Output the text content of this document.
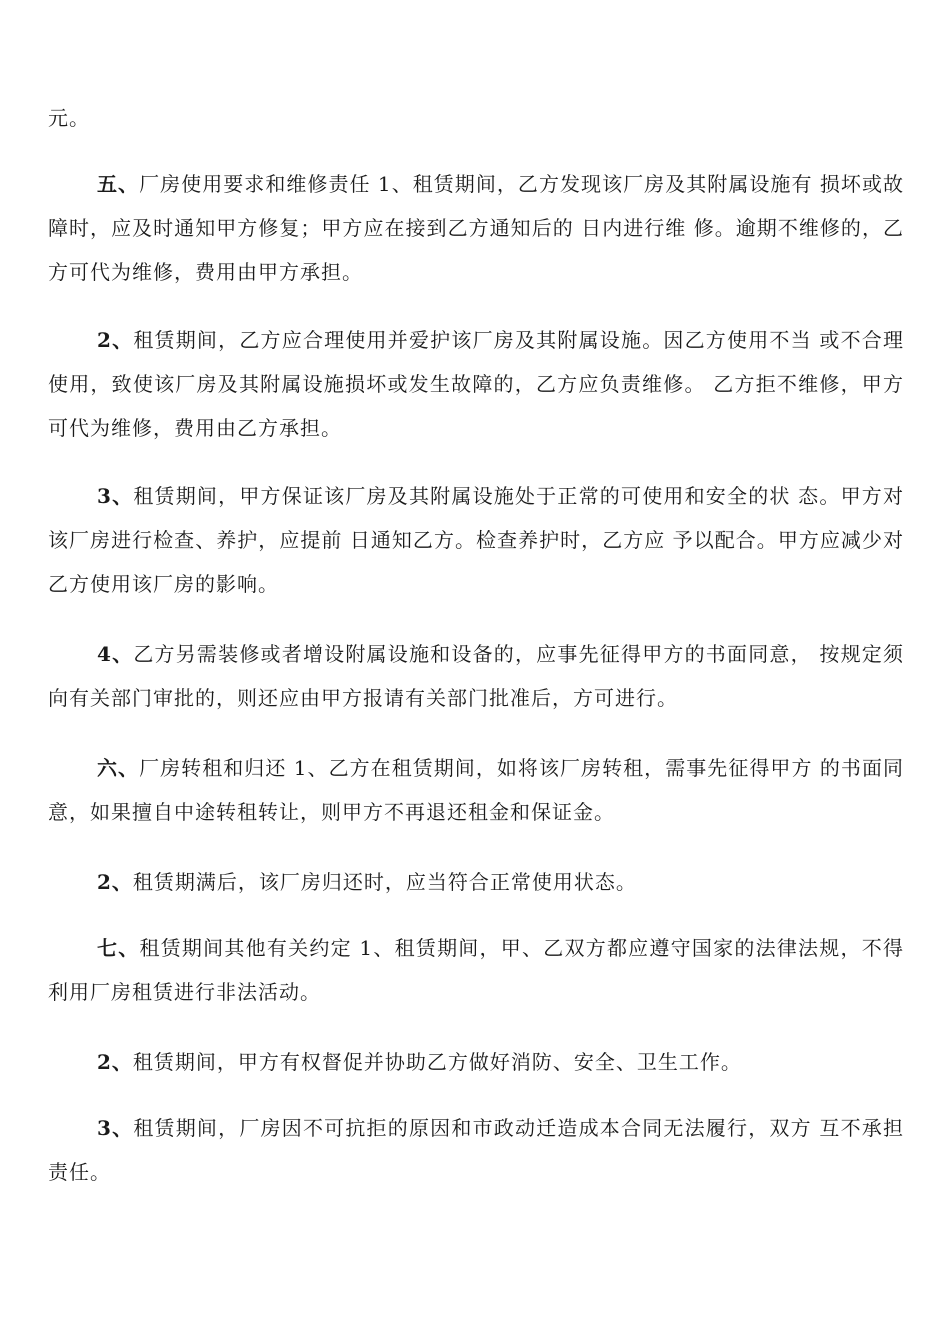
元。

五、厂房使用要求和维修责任 1、租赁期间，乙方发现该厂房及其附属设施有 损坏或故障时，应及时通知甲方修复；甲方应在接到乙方通知后的 日内进行维 修。逾期不维修的，乙方可代为维修，费用由甲方承担。

2、租赁期间，乙方应合理使用并爱护该厂房及其附属设施。因乙方使用不当 或不合理使用，致使该厂房及其附属设施损坏或发生故障的，乙方应负责维修。 乙方拒不维修，甲方可代为维修，费用由乙方承担。

3、租赁期间，甲方保证该厂房及其附属设施处于正常的可使用和安全的状 态。甲方对该厂房进行检查、养护，应提前 日通知乙方。检查养护时，乙方应 予以配合。甲方应减少对乙方使用该厂房的影响。

4、乙方另需装修或者增设附属设施和设备的，应事先征得甲方的书面同意， 按规定须向有关部门审批的，则还应由甲方报请有关部门批准后，方可进行。

六、厂房转租和归还 1、乙方在租赁期间，如将该厂房转租，需事先征得甲方 的书面同意，如果擅自中途转租转让，则甲方不再退还租金和保证金。

2、租赁期满后，该厂房归还时，应当符合正常使用状态。

七、租赁期间其他有关约定 1、租赁期间，甲、乙双方都应遵守国家的法律法规，不得利用厂房租赁进行非法活动。

2、租赁期间，甲方有权督促并协助乙方做好消防、安全、卫生工作。

3、租赁期间，厂房因不可抗拒的原因和市政动迁造成本合同无法履行，双方 互不承担责任。
